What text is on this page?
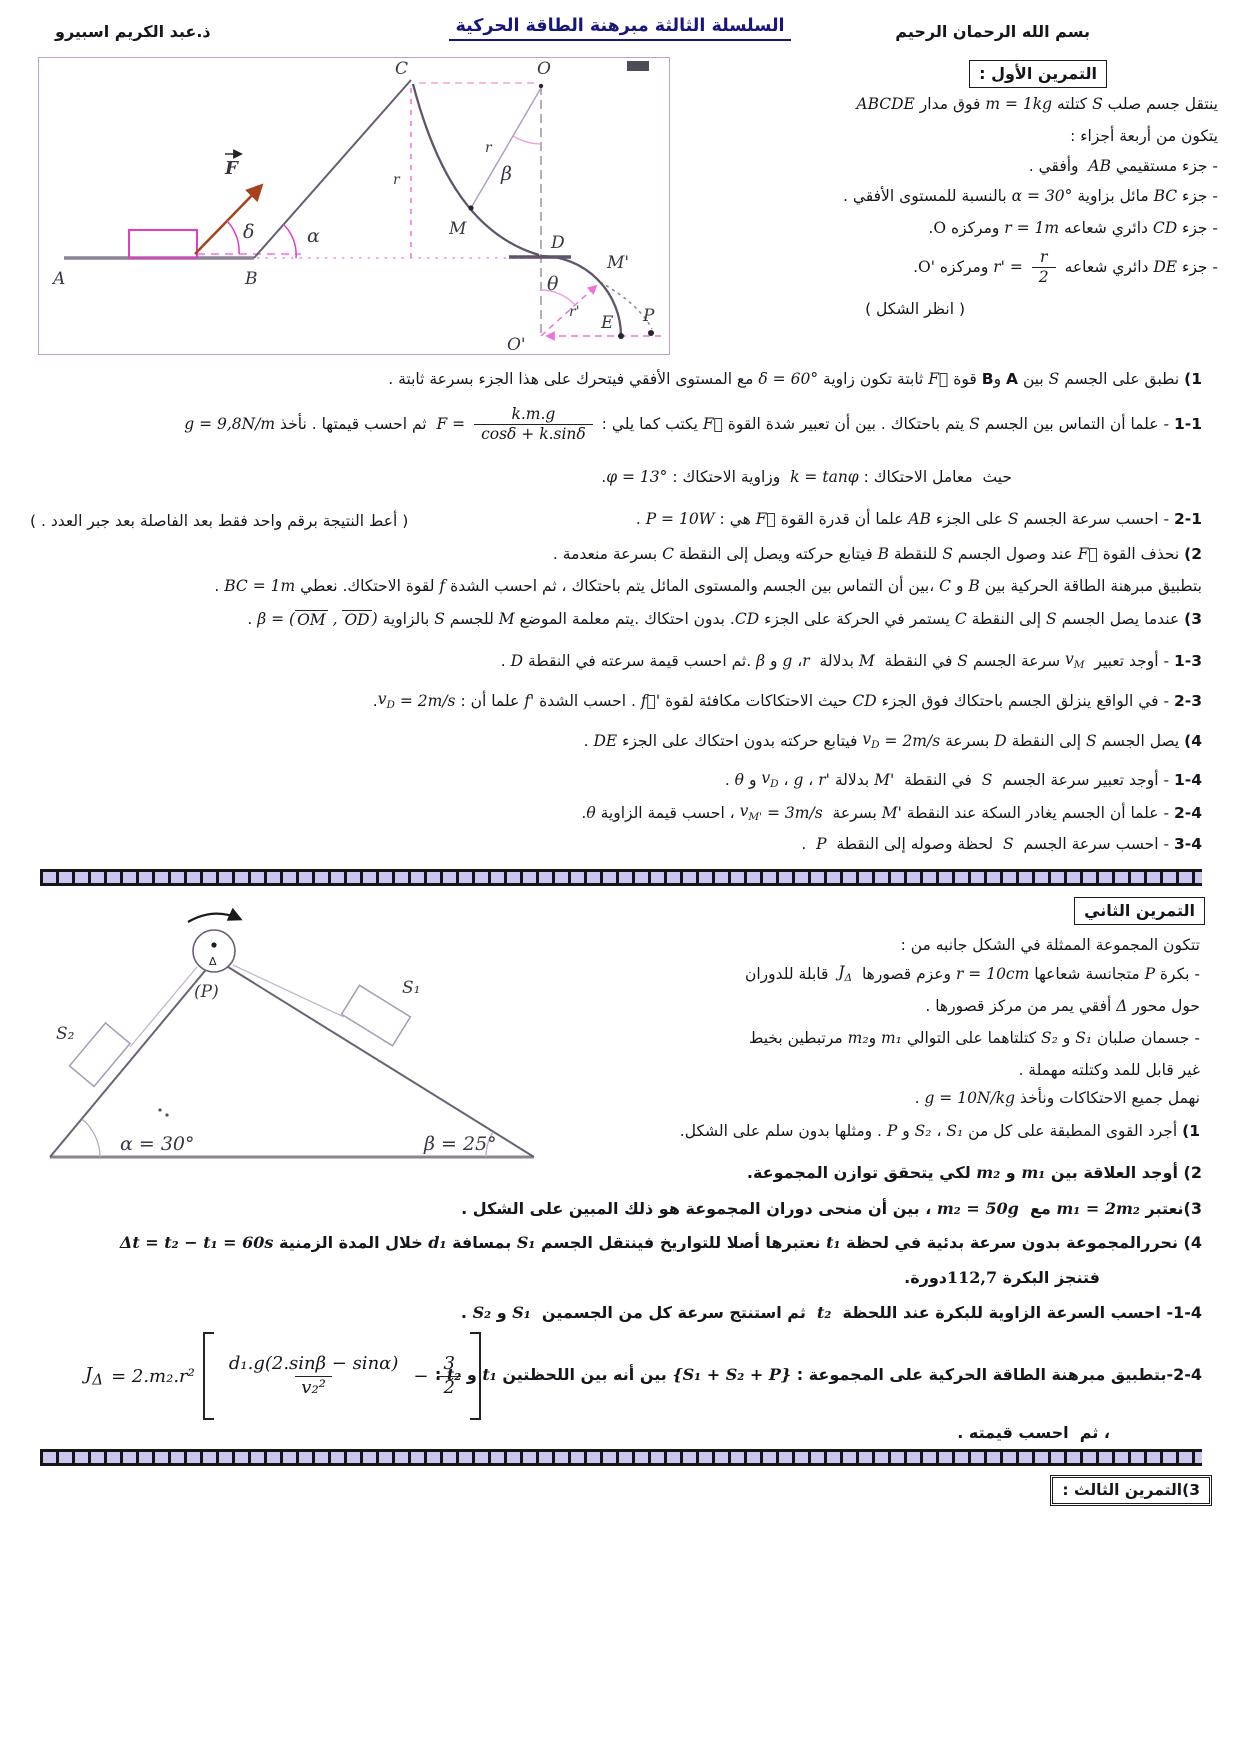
بسم الله الرحمان الرحيم
السلسلة الثالثة مبرهنة الطاقة الحركية
ذ.عبد الكريم اسبيرو
A	B
C
D
E
O
O'
M
M'
P
F
r
r
r'
α
δ
β
θ
التمرين الأول :
ينتقل جسم صلب
S
كتلته
m = 1kg
فوق مدار
ABCDE
يتكون من أربعة أجزاء :
- جزء مستقيمي
AB
وأفقي .
- جزء
BC
مائل بزاوية
α = 30°
بالنسبة للمستوى الأفقي .
- جزء
CD
دائري شعاعه
r = 1m
ومركزه
O
.
- جزء
DE
دائري شعاعه
$r' = \frac{r}{2}$
ومركزه
O'
.
( انظر الشكل )
(1
نطبق على الجسم
S
بين
A
و
B
قوة
F⃗
ثابتة تكون زاوية
δ = 60°
مع المستوى الأفقي فيتحرك على هذا الجزء بسرعة ثابتة .
1-1
- علما أن التماس بين الجسم
S
يتم باحتكاك . بين أن تعبير شدة القوة
F⃗
يكتب كما يلي :
$F = \frac{k.m.g}{\cos\delta + k.\sin\delta}$
ثم احسب قيمتها . نأخذ
g = 9,8N/m
حيث  معامل الاحتكاك :
k = tanφ
وزاوية الاحتكاك :
φ = 13°
.
2-1
- احسب سرعة الجسم
S
على الجزء
AB
علما أن قدرة القوة
F⃗
هي :
P = 10W
.
( أعط النتيجة برقم واحد فقط بعد الفاصلة بعد جبر العدد . )
(2
نحذف القوة
F⃗
عند وصول الجسم
S
للنقطة
B
فيتابع حركته ويصل إلى النقطة
C
بسرعة منعدمة .
بتطبيق مبرهنة الطاقة الحركية بين
B
و
C
،بين أن التماس بين الجسم والمستوى المائل يتم باحتكاك ، ثم احسب الشدة
f
لقوة الاحتكاك. نعطي
BC = 1m
.
(3
عندما يصل الجسم
S
إلى النقطة
C
يستمر في الحركة على الجزء
CD
. بدون احتكاك .يتم معلمة الموضع
M
للجسم
S
بالزاوية
β = ( OM , OD )
.
1-3
- أوجد تعبير
$v_M$
سرعة الجسم
S
في النقطة
M
بدلالة
r
،
g
و
β
.ثم احسب قيمة سرعته في النقطة
D
.
2-3
- في الواقع ينزلق الجسم باحتكاك فوق الجزء
CD
حيث الاحتكاكات مكافئة لقوة
f⃗'
. احسب الشدة
f'
علما أن :
$v_D = 2m/s$
.
(4
يصل الجسم
S
إلى النقطة
D
بسرعة
$v_D = 2m/s$
فيتابع حركته بدون احتكاك على الجزء
DE
.
1-4
- أوجد تعبير سرعة الجسم
S
في النقطة
M'
بدلالة
r'
،
g
،
$v_D$
و
θ
.
2-4
- علما أن الجسم يغادر السكة عند النقطة
M'
بسرعة
$v_{M'} = 3m/s$
، احسب قيمة الزاوية
θ
.
3-4
- احسب سرعة الجسم
S
لحظة وصوله إلى النقطة
P
.
التمرين الثاني
Δ
S₂
S₁
(P)
α = 30°	β = 25°
تتكون المجموعة الممثلة في الشكل جانبه من :
- بكرة
P
متجانسة شعاعها
r = 10cm
وعزم قصورها
$J_\Delta$
قابلة للدوران
حول محور
Δ
أفقي يمر من مركز قصورها .
- جسمان صلبان
S₁
و
S₂
كتلتاهما على التوالي
m₁
و
m₂
مرتبطين بخيط
غير قابل للمد وكتلته مهملة .
نهمل جميع الاحتكاكات ونأخذ
g = 10N/kg
.
(1
أجرد القوى المطبقة على كل من
S₁
،
S₂
و
P
. ومثلها بدون سلم على الشكل.
(2
أوجد العلاقة بين
m₁
و
m₂
لكي يتحقق توازن المجموعة.
(3
نعتبر
m₁ = 2m₂
مع
m₂ = 50g
، بين أن منحى دوران المجموعة هو ذلك المبين على الشكل .
(4
نحررالمجموعة بدون سرعة بدئية في لحظة
t₁
نعتبرها أصلا للتواريخ فينتقل الجسم
S₁
بمسافة
d₁
خلال المدة الزمنية
Δt = t₂ − t₁ = 60s
فتنجز البكرة
112,7
دورة.
1-4
- احسب السرعة الزاوية للبكرة عند اللحظة
t₂
ثم استنتج سرعة كل من الجسمين
S₁
و
S₂
.
2-4
-بتطبيق مبرهنة الطاقة الحركية على المجموعة :
{S₁ + S₂ + P}
بين أنه بين اللحظتين
t₁
و
t₂
:
$J_\Delta = 2.m_2.r^2 \frac{\text{d₁.g(2.sinβ − sinα)}}{\text{v₂²}} - \frac{3}{2}$
، ثم  احسب قيمته .
(3
التمرين الثالث :
